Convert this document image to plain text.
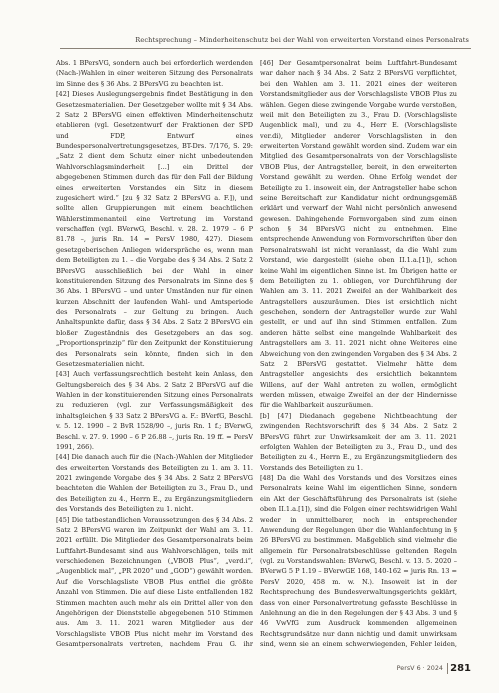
Rechtsprechung – Minderheitenschutz bei der Wahl von erweiterten Vorstand eines Personalrats

Abs. 1 BPersVG, sondern auch bei erforderlich werdenden (Nach-)Wahlen in einer weiteren Sitzung des Personalrats im Sinne des § 36 Abs. 2 BPersVG zu beachten ist.

[42] Dieses Auslegungsergebnis findet Bestätigung in den Gesetzesmaterialien. Der Gesetzgeber wollte mit § 34 Abs. 2 Satz 2 BPersVG einen effektiven Minderheitenschutz etablieren (vgl. Gesetzentwurf der Fraktionen der SPD und FDP, Entwurf eines Bundespersonalvertretungsgesetzes, BT-Drs. 7/176, S. 29: „Satz 2 dient dem Schutz einer nicht unbedeutenden Wahlvorschlagsminderheit [...] ein Drittel der abgegebenen Stimmen durch das für den Fall der Bildung eines erweiterten Vorstandes ein Sitz in diesem zugesichert wird.“ [zu § 32 Satz 2 BPersVG a. F.]), und sollte allen Gruppierungen mit einem beachtlichen Wählerstimmenanteil eine Vertretung im Vorstand verschaffen (vgl. BVerwG, Beschl. v. 28. 2. 1979 – 6 P 81.78 –, juris Rn. 14 = PersV 1980, 427). Diesem gesetzgeberischen Anliegen widerspräche es, wenn man dem Beteiligten zu 1. – die Vorgabe des § 34 Abs. 2 Satz 2 BPersVG ausschließlich bei der Wahl in einer konstituierenden Sitzung des Personalrats im Sinne des § 36 Abs. 1 BPersVG – und unter Umständen nur für einen kurzen Abschnitt der laufenden Wahl- und Amtsperiode des Personalrats – zur Geltung zu bringen. Auch Anhaltspunkte dafür, dass § 34 Abs. 2 Satz 2 BPersVG ein bloßer Zugeständnis des Gesetzgebers an das sog. „Proportionsprinzip“ für den Zeitpunkt der Konstituierung des Personalrats sein könnte, finden sich in den Gesetzesmaterialien nicht.

[43] Auch verfassungsrechtlich besteht kein Anlass, den Geltungsbereich des § 34 Abs. 2 Satz 2 BPersVG auf die Wahlen in der konstituierenden Sitzung eines Personalrats zu reduzieren (vgl. zur Verfassungsmäßigkeit des inhaltsgleichen § 33 Satz 2 BPersVG a. F.: BVerfG, Beschl. v. 5. 12. 1990 – 2 BvR 1528/90 –, juris Rn. 1 f.; BVerwG, Beschl. v. 27. 9. 1990 – 6 P 26.88 –, juris Rn. 19 ff. = PersV 1991, 266).

[44] Die danach auch für die (Nach-)Wahlen der Mitglieder des erweiterten Vorstands des Beteiligten zu 1. am 3. 11. 2021 zwingende Vorgabe des § 34 Abs. 2 Satz 2 BPersVG beachteten die Wahlen der Beteiligten zu 3., Frau D., und des Beteiligten zu 4., Herrn E., zu Ergänzungsmitgliedern des Vorstands des Beteiligten zu 1. nicht.

[45] Die tatbestandlichen Voraussetzungen des § 34 Abs. 2 Satz 2 BPersVG waren im Zeitpunkt der Wahl am 3. 11. 2021 erfüllt. Die Mitglieder des Gesamtpersonalrats beim Luftfahrt-Bundesamt sind aus Wahlvorschlägen, teils mit verschiedenen Bezeichnungen („VBOB Plus“, „verd.i“, „Augenblick mal“, „PR 2020“ und „GOD“) gewählt worden. Auf die Vorschlagsliste VBOB Plus entfiel die größte Anzahl von Stimmen. Die auf diese Liste entfallenden 182 Stimmen machten auch mehr als ein Drittel aller von den Angehörigen der Dienststelle abgegebenen 510 Stimmen aus. Am 3. 11. 2021 waren Mitglieder aus der Vorschlagsliste VBOB Plus nicht mehr im Vorstand des Gesamtpersonalrats vertreten, nachdem Frau G. ihr

[46] Der Gesamtpersonalrat beim Luftfahrt-Bundesamt war daher nach § 34 Abs. 2 Satz 2 BPersVG verpflichtet, bei den Wahlen am 3. 11. 2021 eines der weiteren Vorstandsmitglieder aus der Vorschlagsliste VBOB Plus zu wählen. Gegen diese zwingende Vorgabe wurde verstoßen, weil mit den Beteiligten zu 3., Frau D. (Vorschlagsliste Augenblick mal), und zu 4., Herr E. (Vorschlagsliste ver.di), Mitglieder anderer Vorschlagslisten in den erweiterten Vorstand gewählt worden sind. Zudem war ein Mitglied des Gesamtpersonalrats von der Vorschlagsliste VBOB Plus, der Antragsteller, bereit, in den erweiterten Vorstand gewählt zu werden. Ohne Erfolg wendet der Beteiligte zu 1. insoweit ein, der Antragsteller habe schon seine Bereitschaft zur Kandidatur nicht ordnungsgemäß erklärt und verwarf der Wahl nicht persönlich anwesend gewesen. Dahingehende Formvorgaben sind zum einen schon § 34 BPersVG nicht zu entnehmen. Eine entsprechende Anwendung von Formvorschriften über den Personalratswahl ist nicht veranlasst, da die Wahl zum Vorstand, wie dargestellt (siehe oben II.1.a.[1]), schon keine Wahl im eigentlichen Sinne ist. Im Übrigen hatte er dem Beteiligten zu 1. obliegen, vor Durchführung der Wahlen am 3. 11. 2021 Zweifel an der Wahlbarkeit des Antragstellers auszuräumen. Dies ist ersichtlich nicht geschehen, sondern der Antragsteller wurde zur Wahl gestellt, er und auf ihn sind Stimmen entfallen. Zum anderen hätte selbst eine mangelnde Wahlbarkeit des Antragstellers am 3. 11. 2021 nicht ohne Weiteres eine Abweichung von den zwingenden Vorgaben des § 34 Abs. 2 Satz 2 BPersVG gestattet. Vielmehr hätte dem Antragsteller angesichts des ersichtlich bekanntem Willens, auf der Wahl antreten zu wollen, ermöglicht werden müssen, etwaige Zweifel an der der Hindernisse für die Wahlbarkeit auszuräumen.

[b] [47] Diedanach gegebene Nichtbeachtung der zwingenden Rechtsvorschrift des § 34 Abs. 2 Satz 2 BPersVG führt zur Unwirksamkeit der am 3. 11. 2021 erfolgten Wahlen der Beteiligten zu 3., Frau D., und des Beteiligten zu 4., Herrn E., zu Ergänzungsmitgliedern des Vorstands des Beteiligten zu 1.

[48] Da die Wahl des Vorstands und des Vorsitzes eines Personalrats keine Wahl im eigentlichen Sinne, sondern ein Akt der Geschäftsführung des Personalrats ist (siehe oben II.1.a.[1]), sind die Folgen einer rechtswidrigen Wahl weder in unmittelbarer, noch in entsprechender Anwendung der Regelungen über die Wahlanfechtung in § 26 BPersVG zu bestimmen. Maßgeblich sind vielmehr die allgemein für Personalratsbeschlüsse geltenden Regeln (vgl. zu Vorstandswahlen: BVerwG, Beschl. v. 13. 5. 2020 – BVerwG 5 P 1.19 – BVerwGE 168, 140-162 = juris Rn. 13 = PersV 2020, 458 m. w. N.). Insoweit ist in der Rechtsprechung des Bundesverwaltungsgerichts geklärt, dass von einer Personalvertretung gefasste Beschlüsse in Anlehnung an die in den Regelungen der § 43 Abs. 3 und § 46 VwVfG zum Ausdruck kommenden allgemeinen Rechtsgrundsätze nur dann nichtig und damit unwirksam sind, wenn sie an einem schwerwiegenden, Fehler leiden,

PersV 6 · 2024 281
